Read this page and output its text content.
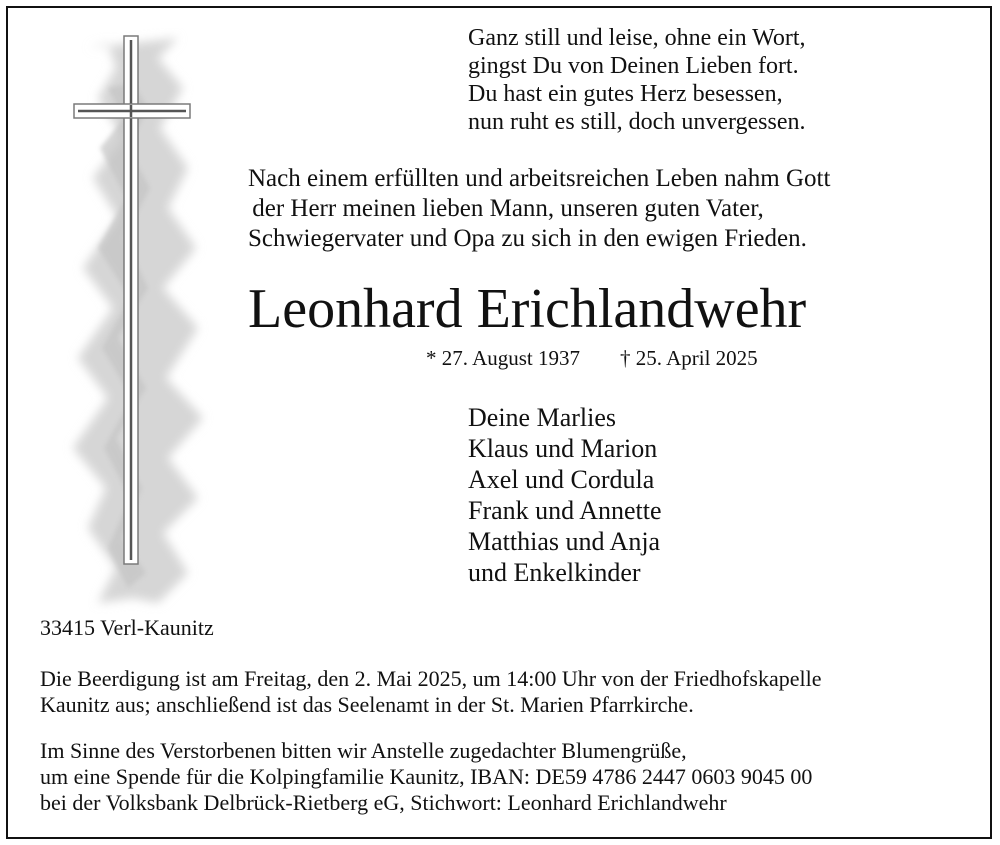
Ganz still und leise, ohne ein Wort,
gingst Du von Deinen Lieben fort.
Du hast ein gutes Herz besessen,
nun ruht es still, doch unvergessen.
Nach einem erfüllten und arbeitsreichen Leben nahm Gott
der Herr meinen lieben Mann, unseren guten Vater,
Schwiegervater und Opa zu sich in den ewigen Frieden.
Leonhard Erichlandwehr
* 27. August 1937 † 25. April 2025
Deine Marlies
Klaus und Marion
Axel und Cordula
Frank und Annette
Matthias und Anja
und Enkelkinder
33415 Verl-Kaunitz
Die Beerdigung ist am Freitag, den 2. Mai 2025, um 14:00 Uhr von der Friedhofskapelle
Kaunitz aus; anschließend ist das Seelenamt in der St. Marien Pfarrkirche.
Im Sinne des Verstorbenen bitten wir Anstelle zugedachter Blumengrüße,
um eine Spende für die Kolpingfamilie Kaunitz, IBAN: DE59 4786 2447 0603 9045 00
bei der Volksbank Delbrück-Rietberg eG, Stichwort: Leonhard Erichlandwehr
